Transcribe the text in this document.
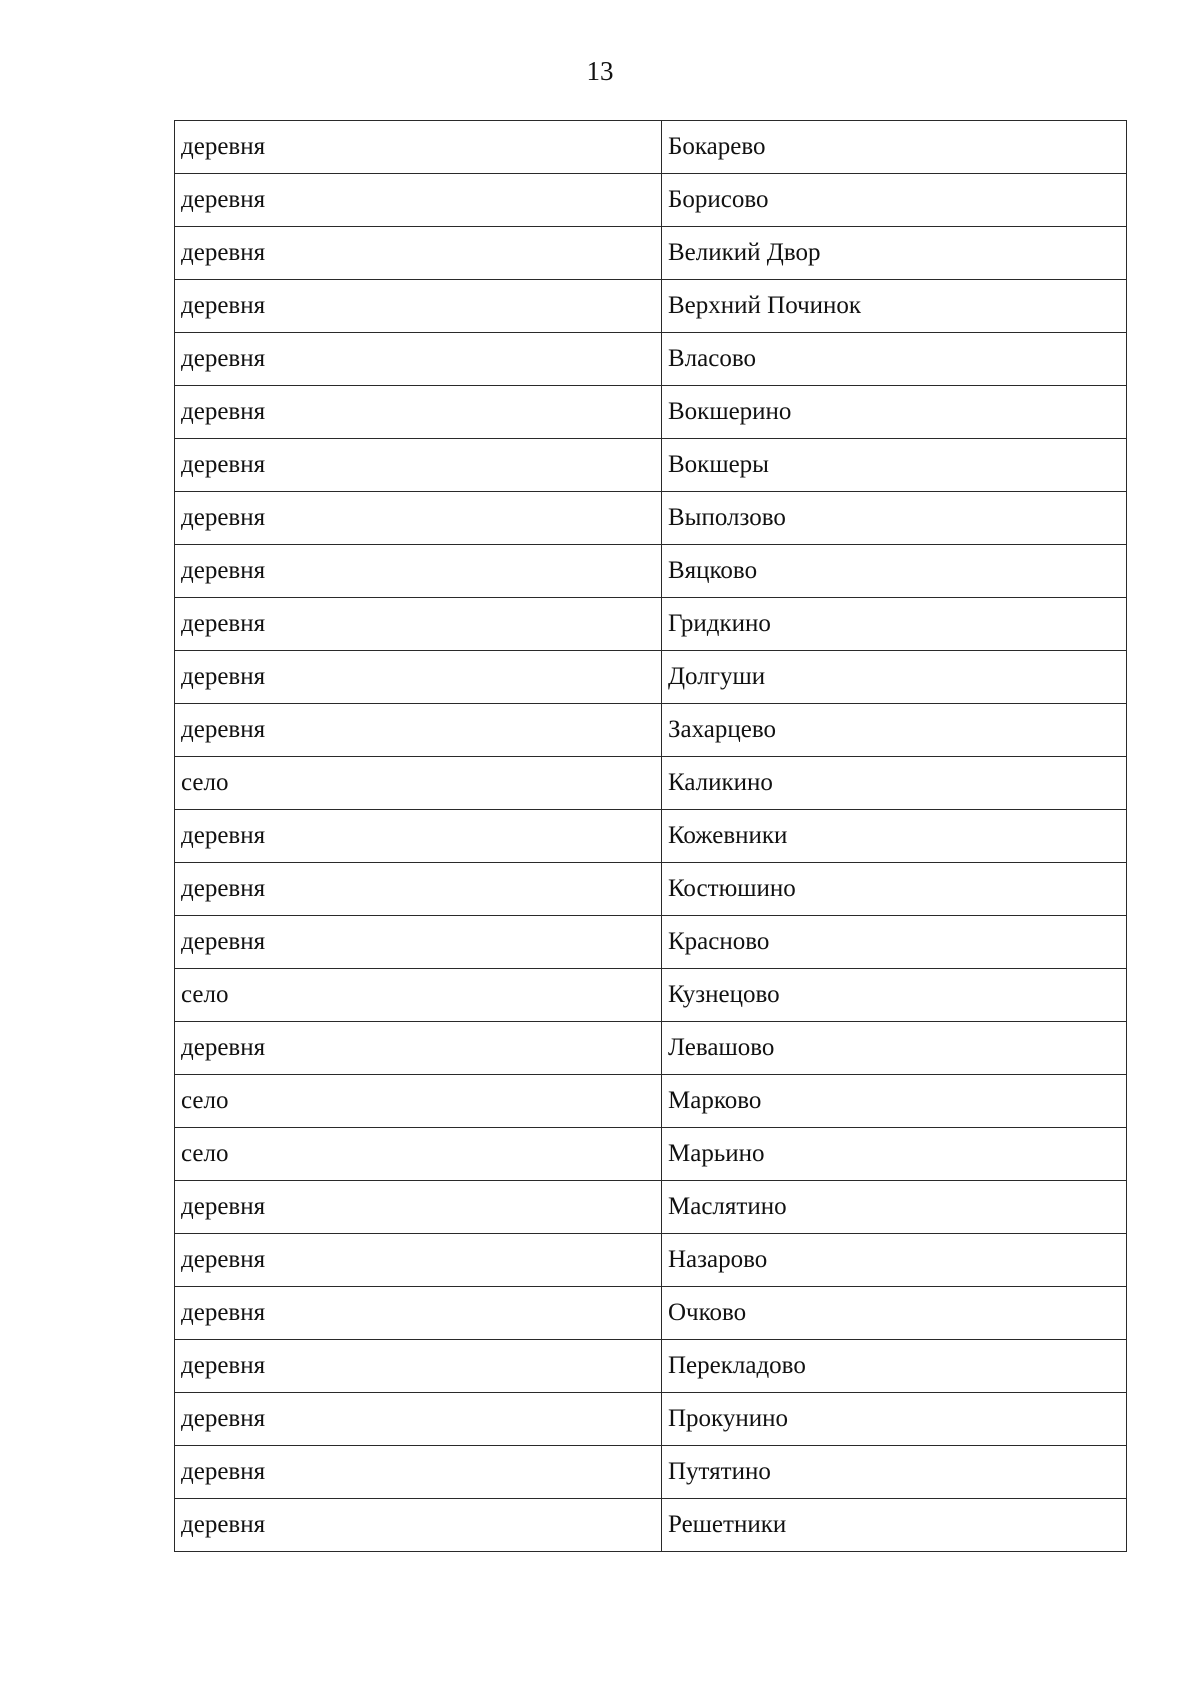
13
деревня	Бокарево
деревня	Борисово
деревня	Великий Двор
деревня	Верхний Починок
деревня	Власово
деревня	Вокшерино
деревня	Вокшеры
деревня	Выползово
деревня	Вяцково
деревня	Гридкино
деревня	Долгуши
деревня	Захарцево
село	Каликино
деревня	Кожевники
деревня	Костюшино
деревня	Красново
село	Кузнецово
деревня	Левашово
село	Марково
село	Марьино
деревня	Маслятино
деревня	Назарово
деревня	Очково
деревня	Перекладово
деревня	Прокунино
деревня	Путятино
деревня	Решетники
